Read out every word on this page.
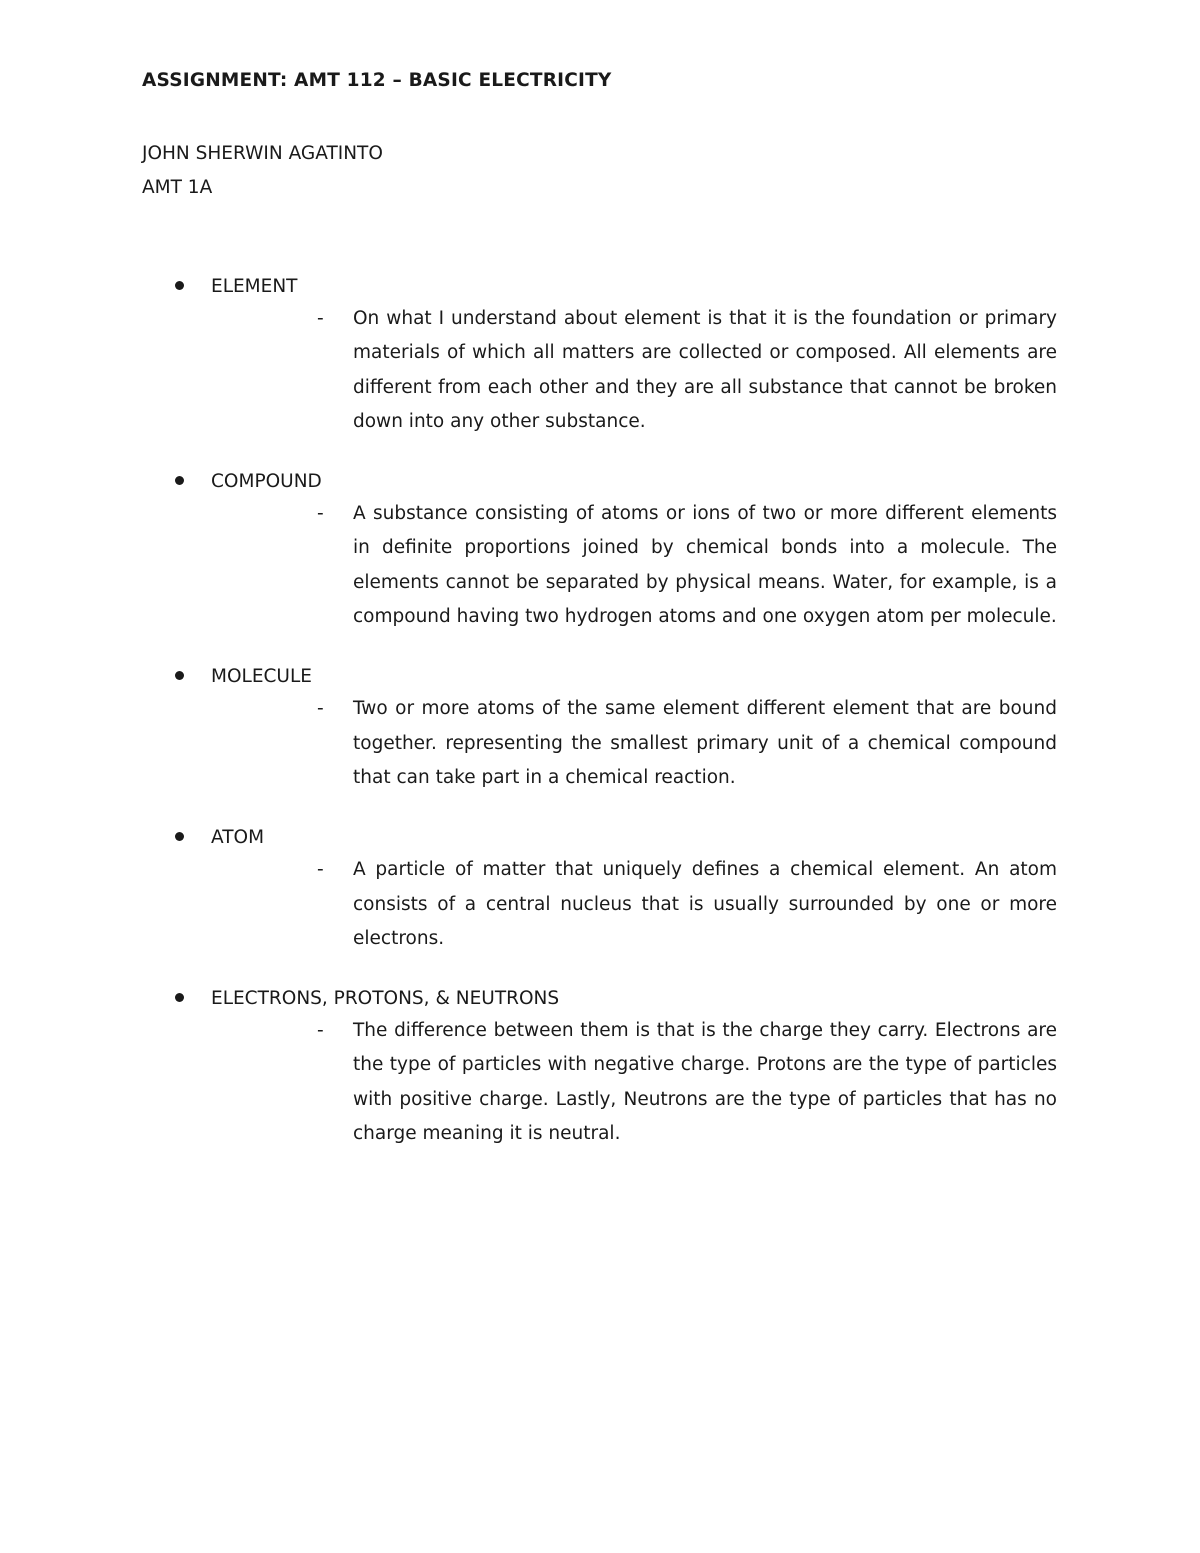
ASSIGNMENT: AMT 112 – BASIC ELECTRICITY
JOHN SHERWIN AGATINTO
AMT 1A
ELEMENT
- On what I understand about element is that it is the foundation or primary materials of which all matters are collected or composed. All elements are different from each other and they are all substance that cannot be broken down into any other substance.
COMPOUND
- A substance consisting of atoms or ions of two or more different elements in definite proportions joined by chemical bonds into a molecule. The elements cannot be separated by physical means. Water, for example, is a compound having two hydrogen atoms and one oxygen atom per molecule.
MOLECULE
- Two or more atoms of the same element different element that are bound together. representing the smallest primary unit of a chemical compound that can take part in a chemical reaction.
ATOM
- A particle of matter that uniquely defines a chemical element. An atom consists of a central nucleus that is usually surrounded by one or more electrons.
ELECTRONS, PROTONS, & NEUTRONS
- The difference between them is that is the charge they carry. Electrons are the type of particles with negative charge. Protons are the type of particles with positive charge. Lastly, Neutrons are the type of particles that has no charge meaning it is neutral.
